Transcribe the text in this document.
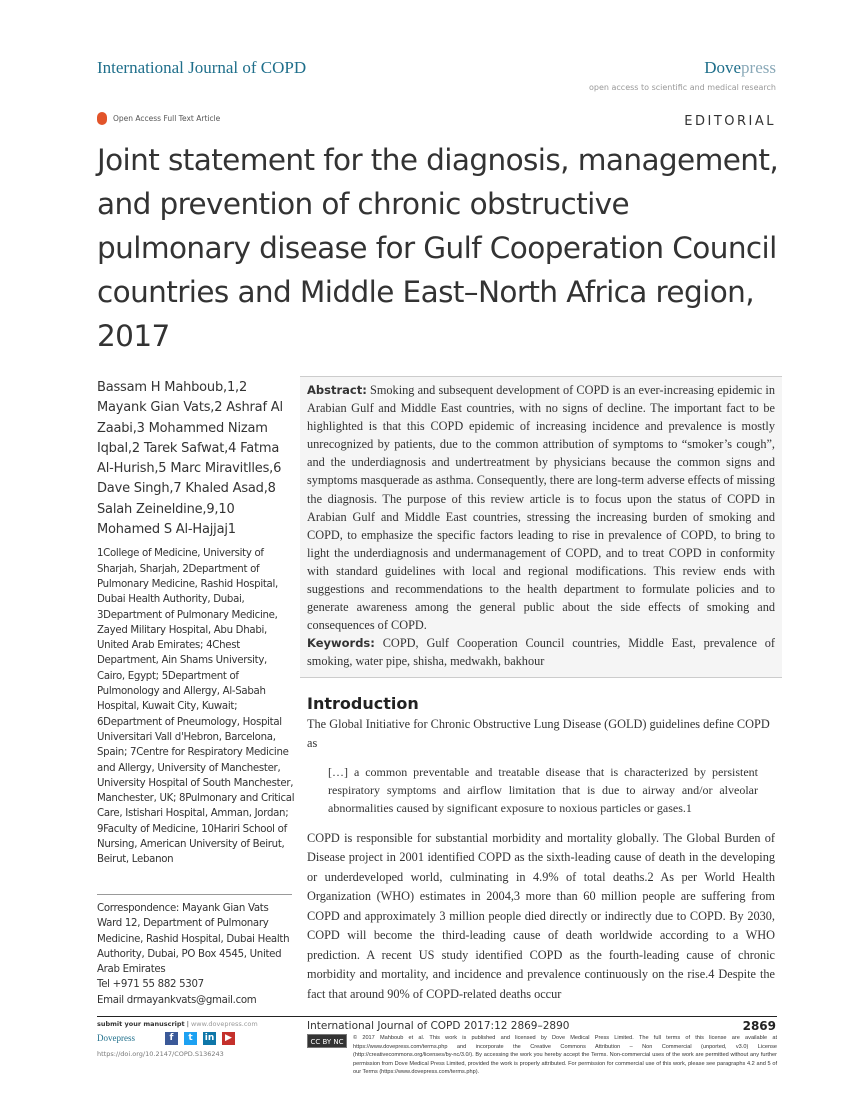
International Journal of COPD	Dovepress
open access to scientific and medical research
Open Access Full Text Article	EDITORIAL
Joint statement for the diagnosis, management, and prevention of chronic obstructive pulmonary disease for Gulf Cooperation Council countries and Middle East–North Africa region, 2017
Bassam H Mahboub,1,2 Mayank Gian Vats,2 Ashraf Al Zaabi,3 Mohammed Nizam Iqbal,2 Tarek Safwat,4 Fatma Al-Hurish,5 Marc Miravitlles,6 Dave Singh,7 Khaled Asad,8 Salah Zeineldine,9,10 Mohamed S Al-Hajjaj1
1College of Medicine, University of Sharjah, Sharjah, 2Department of Pulmonary Medicine, Rashid Hospital, Dubai Health Authority, Dubai, 3Department of Pulmonary Medicine, Zayed Military Hospital, Abu Dhabi, United Arab Emirates; 4Chest Department, Ain Shams University, Cairo, Egypt; 5Department of Pulmonology and Allergy, Al-Sabah Hospital, Kuwait City, Kuwait; 6Department of Pneumology, Hospital Universitari Vall d'Hebron, Barcelona, Spain; 7Centre for Respiratory Medicine and Allergy, University of Manchester, University Hospital of South Manchester, Manchester, UK; 8Pulmonary and Critical Care, Istishari Hospital, Amman, Jordan; 9Faculty of Medicine, 10Hariri School of Nursing, American University of Beirut, Beirut, Lebanon
Correspondence: Mayank Gian Vats
Ward 12, Department of Pulmonary Medicine, Rashid Hospital, Dubai Health Authority, Dubai, PO Box 4545, United Arab Emirates
Tel +971 55 882 5307
Email drmayankvats@gmail.com
Abstract: Smoking and subsequent development of COPD is an ever-increasing epidemic in Arabian Gulf and Middle East countries, with no signs of decline. The important fact to be highlighted is that this COPD epidemic of increasing incidence and prevalence is mostly unrecognized by patients, due to the common attribution of symptoms to “smoker’s cough”, and the underdiagnosis and undertreatment by physicians because the common signs and symptoms masquerade as asthma. Consequently, there are long-term adverse effects of missing the diagnosis. The purpose of this review article is to focus upon the status of COPD in Arabian Gulf and Middle East countries, stressing the increasing burden of smoking and COPD, to emphasize the specific factors leading to rise in prevalence of COPD, to bring to light the underdiagnosis and undermanagement of COPD, and to treat COPD in conformity with standard guidelines with local and regional modifications. This review ends with suggestions and recommendations to the health department to formulate policies and to generate awareness among the general public about the side effects of smoking and consequences of COPD.
Keywords: COPD, Gulf Cooperation Council countries, Middle East, prevalence of smoking, water pipe, shisha, medwakh, bakhour
Introduction

The Global Initiative for Chronic Obstructive Lung Disease (GOLD) guidelines define COPD as

[…] a common preventable and treatable disease that is characterized by persistent respiratory symptoms and airflow limitation that is due to airway and/or alveolar abnormalities caused by significant exposure to noxious particles or gases.1

COPD is responsible for substantial morbidity and mortality globally. The Global Burden of Disease project in 2001 identified COPD as the sixth-leading cause of death in the developing or underdeveloped world, culminating in 4.9% of total deaths.2 As per World Health Organization (WHO) estimates in 2004,3 more than 60 million people are suffering from COPD and approximately 3 million people died directly or indirectly due to COPD. By 2030, COPD will become the third-leading cause of death worldwide according to a WHO prediction. A recent US study identified COPD as the fourth-leading cause of chronic morbidity and mortality, and incidence and prevalence continuously on the rise.4 Despite the fact that around 90% of COPD-related deaths occur

submit your manuscript | www.dovepress.com
Dovepress	f	t	in	▶
https://doi.org/10.2147/COPD.S136243
International Journal of COPD 2017:12 2869–2890	2869
CC BY NC	© 2017 Mahboub et al. This work is published and licensed by Dove Medical Press Limited. The full terms of this license are available at https://www.dovepress.com/terms.php and incorporate the Creative Commons Attribution – Non Commercial (unported, v3.0) License (http://creativecommons.org/licenses/by-nc/3.0/). By accessing the work you hereby accept the Terms. Non-commercial uses of the work are permitted without any further permission from Dove Medical Press Limited, provided the work is properly attributed. For permission for commercial use of this work, please see paragraphs 4.2 and 5 of our Terms (https://www.dovepress.com/terms.php).
